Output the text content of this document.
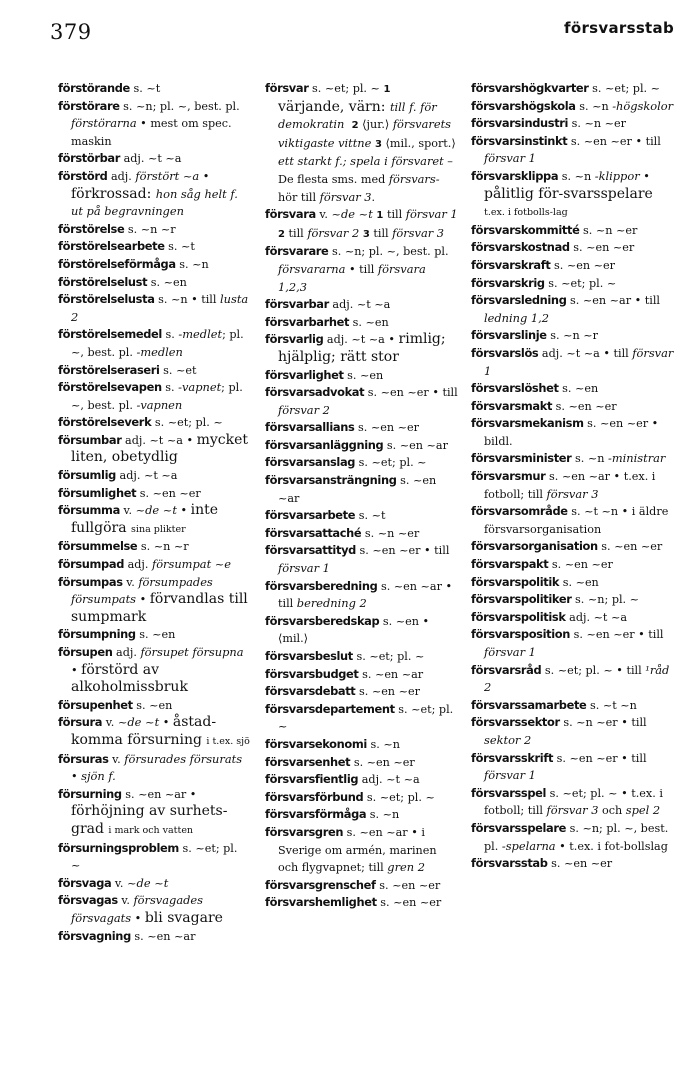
379	försvarsstab
förstörande s. ~t
förstörare s. ~n; pl. ~, best. pl. förstörarna • mest om spec. maskin
förstörbar adj. ~t ~a
förstörd adj. förstört ~a • förkrossad: hon såg helt f. ut på begravningen
förstörelse s. ~n ~r
förstörelsearbete s. ~t
förstörelseförmåga s. ~n
förstörelselust s. ~en
förstörelselusta s. ~n • till lusta 2
förstörelsemedel s. -medlet; pl. ~, best. pl. -medlen
förstörelseraseri s. ~et
förstörelsevapen s. -vapnet; pl. ~, best. pl. -vapnen
förstörelseverk s. ~et; pl. ~
försumbar adj. ~t ~a • mycket liten, obetydlig
försumlig adj. ~t ~a
försumlighet s. ~en ~er
försumma v. ~de ~t • inte fullgöra sina plikter
försummelse s. ~n ~r
försumpad adj. försumpat ~e
försumpas v. försumpades försumpats • förvandlas till sumpmark
försumpning s. ~en
försupen adj. försupet försupna • förstörd av alkoholmissbruk
försupenhet s. ~en
försura v. ~de ~t • åstad-komma försurning i t.ex. sjö
försuras v. försurades försurats • sjön f.
försurning s. ~en ~ar • förhöjning av surhets-grad i mark och vatten
försurningsproblem s. ~et; pl. ~
försvaga v. ~de ~t
försvagas v. försvagades försvagats • bli svagare
försvagning s. ~en ~ar
försvar s. ~et; pl. ~ 1 värjande, värn: till f. för demokratin  2 ⟨jur.⟩ försvarets viktigaste vittne 3 ⟨mil., sport.⟩ ett starkt f.; spela i försvaret – De flesta sms. med försvars- hör till försvar 3.
försvara v. ~de ~t 1 till försvar 1 2 till försvar 2 3 till försvar 3
försvarare s. ~n; pl. ~, best. pl. försvararna • till försvara 1,2,3
försvarbar adj. ~t ~a
försvarbarhet s. ~en
försvarlig adj. ~t ~a • rimlig; hjälplig; rätt stor
försvarlighet s. ~en
försvarsadvokat s. ~en ~er • till försvar 2
försvarsallians s. ~en ~er
försvarsanläggning s. ~en ~ar
försvarsanslag s. ~et; pl. ~
försvarsansträngning s. ~en ~ar
försvarsarbete s. ~t
försvarsattaché s. ~n ~er
försvarsattityd s. ~en ~er • till försvar 1
försvarsberedning s. ~en ~ar • till beredning 2
försvarsberedskap s. ~en • ⟨mil.⟩
försvarsbeslut s. ~et; pl. ~
försvarsbudget s. ~en ~ar
försvarsdebatt s. ~en ~er
försvarsdepartement s. ~et; pl. ~
försvarsekonomi s. ~n
försvarsenhet s. ~en ~er
försvarsfientlig adj. ~t ~a
försvarsförbund s. ~et; pl. ~
försvarsförmåga s. ~n
försvarsgren s. ~en ~ar • i Sverige om armén, marinen och flygvapnet; till gren 2
försvarsgrenschef s. ~en ~er
försvarshemlighet s. ~en ~er
försvarshögkvarter s. ~et; pl. ~
försvarshögskola s. ~n -högskolor
försvarsindustri s. ~n ~er
försvarsinstinkt s. ~en ~er • till försvar 1
försvarsklippa s. ~n -klippor • pålitlig för-svarsspelare t.ex. i fotbolls-lag
försvarskommitté s. ~n ~er
försvarskostnad s. ~en ~er
försvarskraft s. ~en ~er
försvarskrig s. ~et; pl. ~
försvarsledning s. ~en ~ar • till ledning 1,2
försvarslinje s. ~n ~r
försvarslös adj. ~t ~a • till försvar 1
försvarslöshet s. ~en
försvarsmakt s. ~en ~er
försvarsmekanism s. ~en ~er • bildl.
försvarsminister s. ~n -ministrar
försvarsmur s. ~en ~ar • t.ex. i fotboll; till försvar 3
försvarsområde s. ~t ~n • i äldre försvarsorganisation
försvarsorganisation s. ~en ~er
försvarspakt s. ~en ~er
försvarspolitik s. ~en
försvarspolitiker s. ~n; pl. ~
försvarspolitisk adj. ~t ~a
försvarsposition s. ~en ~er • till försvar 1
försvarsråd s. ~et; pl. ~ • till ¹råd 2
försvarssamarbete s. ~t ~n
försvarssektor s. ~n ~er • till sektor 2
försvarsskrift s. ~en ~er • till försvar 1
försvarsspel s. ~et; pl. ~ • t.ex. i fotboll; till försvar 3 och spel 2
försvarsspelare s. ~n; pl. ~, best. pl. -spelarna • t.ex. i fot-bollslag
försvarsstab s. ~en ~er
